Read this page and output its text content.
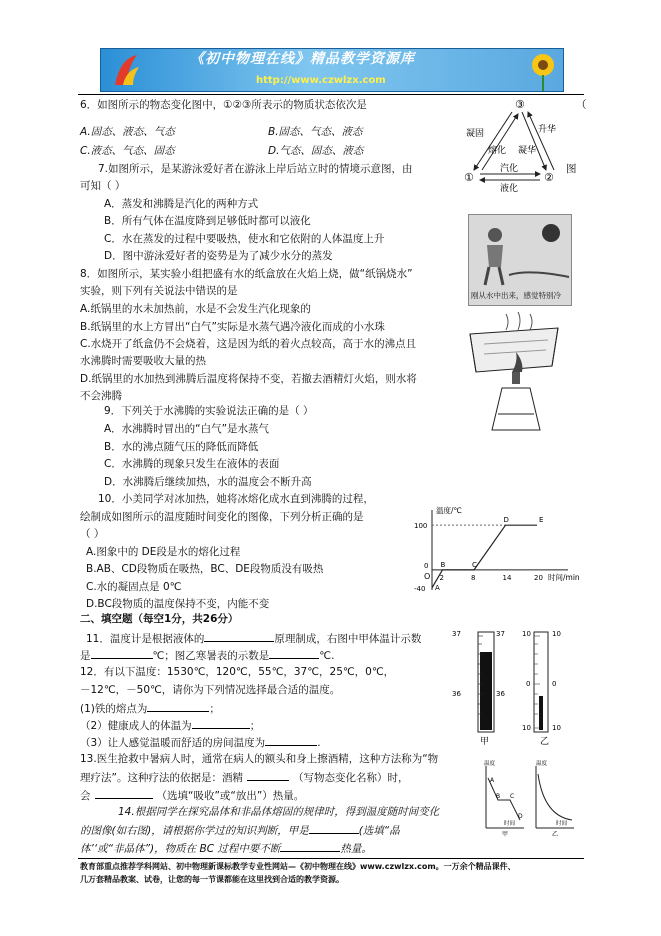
《初中物理在线》精品教学资源库
http://www.czwlzx.com
6．如图所示的物态变化图中，①②③所表示的物质状态依次是	（
A.固态、液态、气态	B.固态、气态、液态
C.液态、气态、固态	D.气态、固态、液态
③
①	②
凝固	升华
熔化 凝华
汽化
液化
7.如图所示，是某游泳爱好者在游泳上岸后站立时的情境示意图，由	图
可知（ ）
A．蒸发和沸腾是汽化的两种方式
B．所有气体在温度降到足够低时都可以液化
C．水在蒸发的过程中要吸热，使水和它依附的人体温度上升
D．图中游泳爱好者的姿势是为了减少水分的蒸发
刚从水中出来，感觉特别冷
8．如图所示，某实验小组把盛有水的纸盒放在火焰上烧，做“纸锅烧水”
实验，则下列有关说法中错误的是
A.纸锅里的水未加热前，水是不会发生汽化现象的
B.纸锅里的水上方冒出“白气”实际是水蒸气遇冷液化而成的小水珠
C.水烧开了纸盒仍不会烧着，这是因为纸的着火点较高，高于水的沸点且
水沸腾时需要吸收大量的热
D.纸锅里的水加热到沸腾后温度将保持不变，若撤去酒精灯火焰，则水将
不会沸腾
9．下列关于水沸腾的实验说法正确的是（ ）
A．水沸腾时冒出的“白气”是水蒸气
B．水的沸点随气压的降低而降低
C．水沸腾的现象只发生在液体的表面
D．水沸腾后继续加热，水的温度会不断升高
10．小美同学对冰加热，她将冰熔化成水直到沸腾的过程，
绘制成如图所示的温度随时间变化的图像，下列分析正确的是
（ ）
A.图象中的 DE段是水的熔化过程
B.AB、CD段物质在吸热，BC、DE段物质没有吸热
C.水的凝固点是 0℃
D.BC段物质的温度保持不变，内能不变
2	8	14	20
100
-40
0
A
B	C
D	E
温度/℃
时间/min
O
二、填空题（每空1分，共26分）
11．温度计是根据液体的	原理制成，右图中甲体温计示数
是	℃；图乙寒暑表的示数是	℃.
12．有以下温度：1530℃，120℃，55℃，37℃，25℃，0℃，
－12℃，－50℃，请你为下列情况选择最合适的温度。
(1)铁的熔点为	；
（2）健康成人的体温为	；
（3）让人感觉温暖而舒适的房间温度为	.
13.医生抢救中暑病人时，通常在病人的额头和身上擦酒精，这种方法称为“物
理疗法”。这种疗法的依据是：酒精	（写物态变化名称）时，
会	（选填“吸收”或“放出”）热量。
14.根据同学在探究晶体和非晶体熔固的规律时，得到温度随时间变化
的图像(如右图)，请根据你学过的知识判断，甲是	(选填“晶
体’‘或“非晶体”)，物质在 BC 过程中要不断	热量。
37	37
36	36
甲
10	10
0	0
10	10
乙
温度
A
B C
D
时间
甲
温度
时间
乙
教育部重点推荐学科网站、初中物理新课标教学专业性网站—《初中物理在线》www.czwlzx.com。一万余个精品课件、
几万套精品教案、试卷，让您的每一节课都能在这里找到合适的教学资源。
